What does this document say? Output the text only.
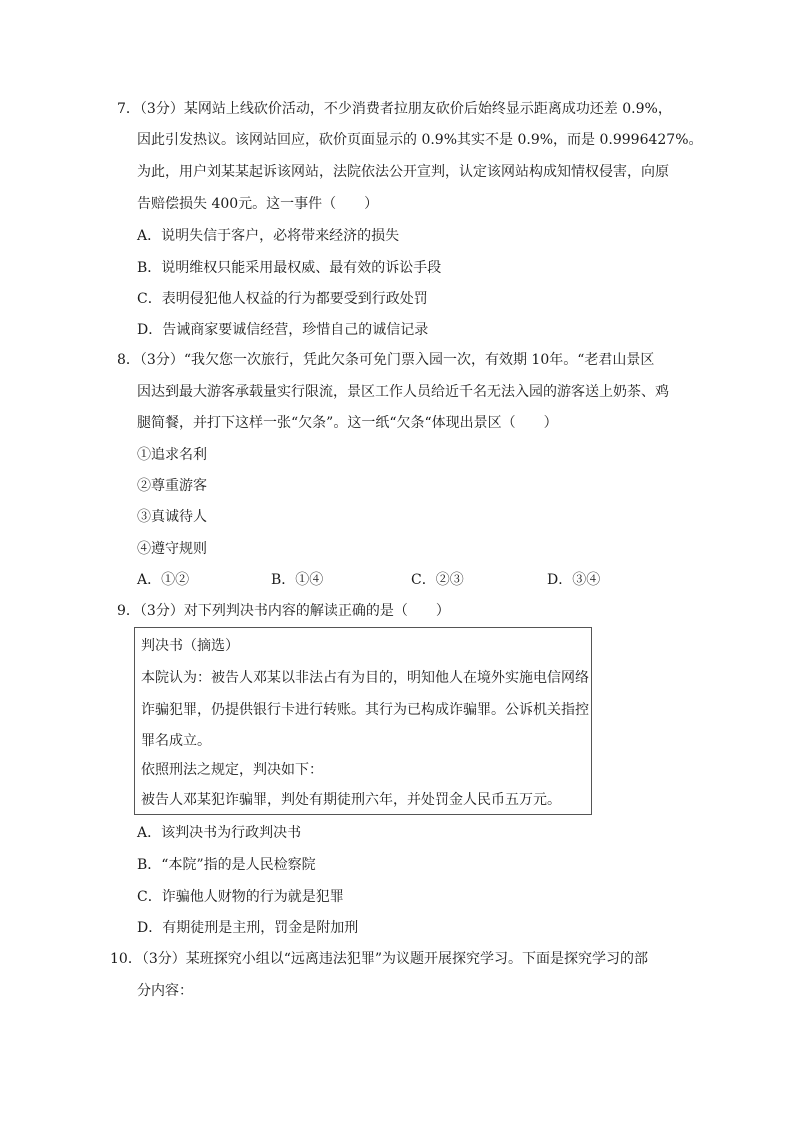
7．（3分）某网站上线砍价活动，不少消费者拉朋友砍价后始终显示距离成功还差 0.9%，
因此引发热议。该网站回应，砍价页面显示的 0.9%其实不是 0.9%，而是 0.9996427%。
为此，用户刘某某起诉该网站，法院依法公开宣判，认定该网站构成知情权侵害，向原
告赔偿损失 400元。这一事件（　　）
A．说明失信于客户，必将带来经济的损失
B．说明维权只能采用最权威、最有效的诉讼手段
C．表明侵犯他人权益的行为都要受到行政处罚
D．告诫商家要诚信经营，珍惜自己的诚信记录
8．（3分）“我欠您一次旅行，凭此欠条可免门票入园一次，有效期 10年。“老君山景区
因达到最大游客承载量实行限流，景区工作人员给近千名无法入园的游客送上奶茶、鸡
腿简餐，并打下这样一张“欠条”。这一纸“欠条“体现出景区（　　）
①追求名利
②尊重游客
③真诚待人
④遵守规则
A．①②	B．①④	C．②③	D．③④
9．（3分）对下列判决书内容的解读正确的是（　　）
判决书（摘选）
本院认为：被告人邓某以非法占有为目的，明知他人在境外实施电信网络
诈骗犯罪，仍提供银行卡进行转账。其行为已构成诈骗罪。公诉机关指控
罪名成立。
依照刑法之规定，判决如下：
被告人邓某犯诈骗罪，判处有期徒刑六年，并处罚金人民币五万元。
A．该判决书为行政判决书
B．“本院”指的是人民检察院
C．诈骗他人财物的行为就是犯罪
D．有期徒刑是主刑，罚金是附加刑
10．（3分）某班探究小组以“远离违法犯罪”为议题开展探究学习。下面是探究学习的部
分内容：
